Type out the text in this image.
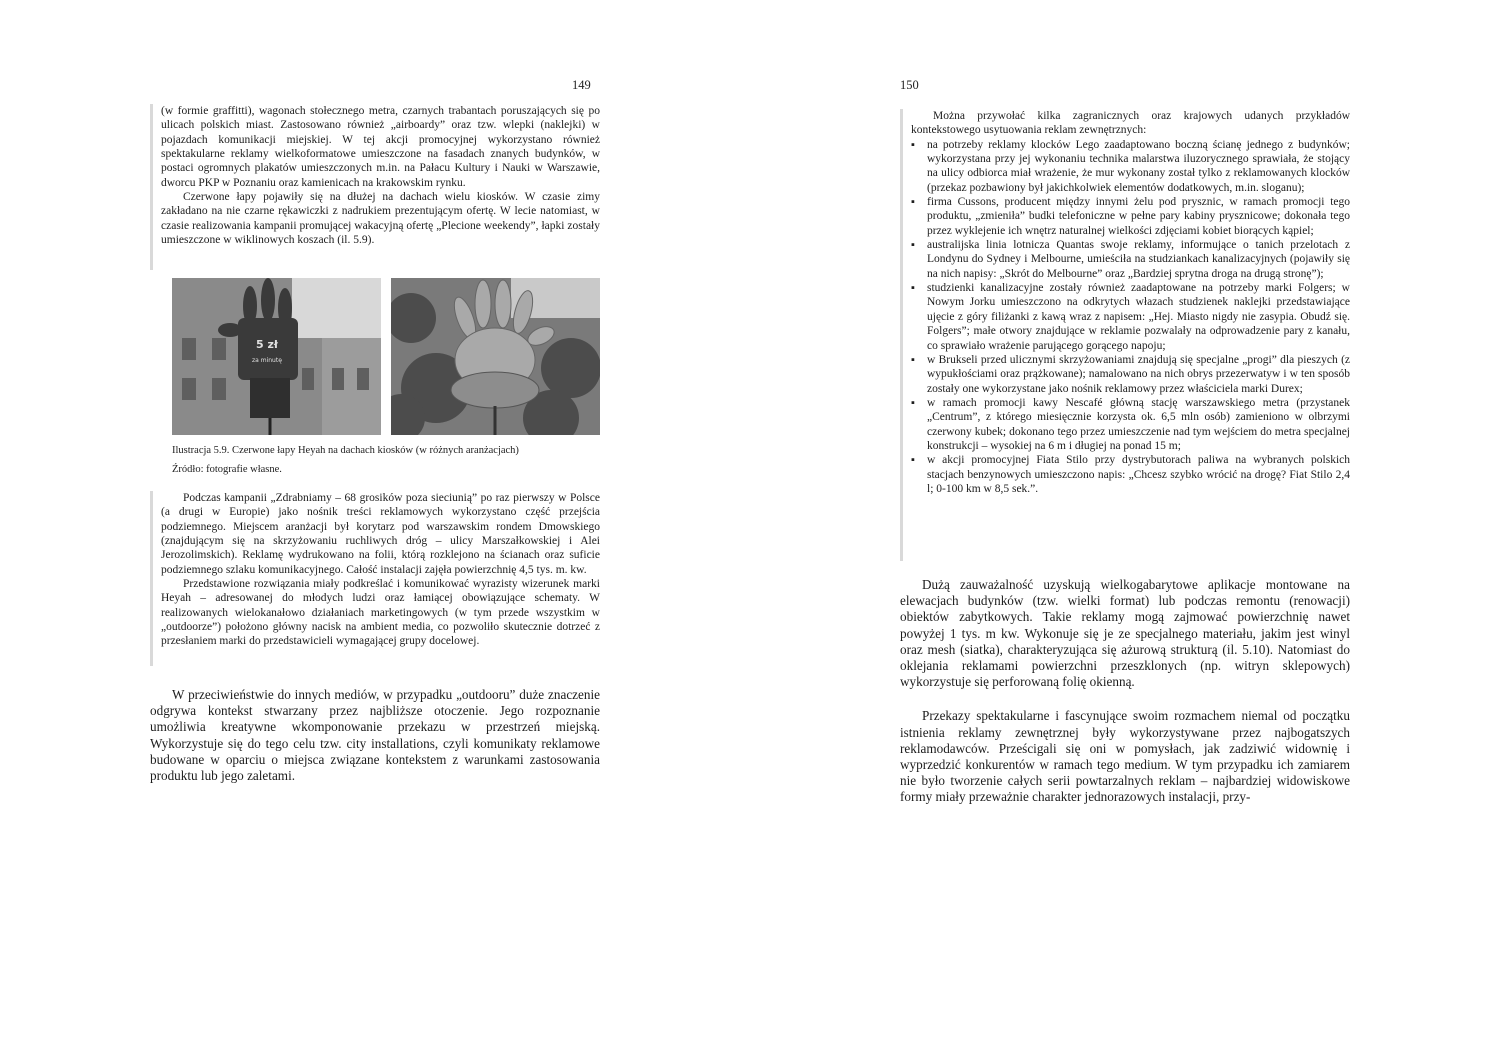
149

(w formie graffitti), wagonach stołecznego metra, czarnych trabantach poruszających się po ulicach polskich miast. Zastosowano również „airboardy” oraz tzw. wlepki (naklejki) w pojazdach komunikacji miejskiej. W tej akcji promocyjnej wykorzystano również spektakularne reklamy wielkoformatowe umieszczone na fasadach znanych budynków, w postaci ogromnych plakatów umieszczonych m.in. na Pałacu Kultury i Nauki w Warszawie, dworcu PKP w Poznaniu oraz kamienicach na krakowskim rynku.

Czerwone łapy pojawiły się na dłużej na dachach wielu kiosków. W czasie zimy zakładano na nie czarne rękawiczki z nadrukiem prezentującym ofertę. W lecie natomiast, w czasie realizowania kampanii promującej wakacyjną ofertę „Plecione weekendy”, łapki zostały umieszczone w wiklinowych koszach (il. 5.9).

5 zł
za minutę
Ilustracja 5.9. Czerwone łapy Heyah na dachach kiosków (w różnych aranżacjach)
Źródło: fotografie własne.

Podczas kampanii „Zdrabniamy – 68 grosików poza sieciunią” po raz pierwszy w Polsce (a drugi w Europie) jako nośnik treści reklamowych wykorzystano część przejścia podziemnego. Miejscem aranżacji był korytarz pod warszawskim rondem Dmowskiego (znajdującym się na skrzyżowaniu ruchliwych dróg – ulicy Marszałkowskiej i Alei Jerozolimskich). Reklamę wydrukowano na folii, którą rozklejono na ścianach oraz suficie podziemnego szlaku komunikacyjnego. Całość instalacji zajęła powierzchnię 4,5 tys. m. kw.

Przedstawione rozwiązania miały podkreślać i komunikować wyrazisty wizerunek marki Heyah – adresowanej do młodych ludzi oraz łamiącej obowiązujące schematy. W realizowanych wielokanałowo działaniach marketingowych (w tym przede wszystkim w „outdoorze”) położono główny nacisk na ambient media, co pozwoliło skutecznie dotrzeć z przesłaniem marki do przedstawicieli wymagającej grupy docelowej.

W przeciwieństwie do innych mediów, w przypadku „outdooru” duże znaczenie odgrywa kontekst stwarzany przez najbliższe otoczenie. Jego rozpoznanie umożliwia kreatywne wkomponowanie przekazu w przestrzeń miejską. Wykorzystuje się do tego celu tzw. city installations, czyli komunikaty reklamowe budowane w oparciu o miejsca związane kontekstem z warunkami zastosowania produktu lub jego zaletami.

150

Można przywołać kilka zagranicznych oraz krajowych udanych przykładów kontekstowego usytuowania reklam zewnętrznych:

▪ na potrzeby reklamy klocków Lego zaadaptowano boczną ścianę jednego z budynków; wykorzystana przy jej wykonaniu technika malarstwa iluzorycznego sprawiała, że stojący na ulicy odbiorca miał wrażenie, że mur wykonany został tylko z reklamowanych klocków (przekaz pozbawiony był jakichkolwiek elementów dodatkowych, m.in. sloganu);
▪ firma Cussons, producent między innymi żelu pod prysznic, w ramach promocji tego produktu, „zmieniła” budki telefoniczne w pełne pary kabiny prysznicowe; dokonała tego przez wyklejenie ich wnętrz naturalnej wielkości zdjęciami kobiet biorących kąpiel;
▪ australijska linia lotnicza Quantas swoje reklamy, informujące o tanich przelotach z Londynu do Sydney i Melbourne, umieściła na studziankach kanalizacyjnych (pojawiły się na nich napisy: „Skrót do Melbourne” oraz „Bardziej sprytna droga na drugą stronę”);
▪ studzienki kanalizacyjne zostały również zaadaptowane na potrzeby marki Folgers; w Nowym Jorku umieszczono na odkrytych włazach studzienek naklejki przedstawiające ujęcie z góry filiżanki z kawą wraz z napisem: „Hej. Miasto nigdy nie zasypia. Obudź się. Folgers”; małe otwory znajdujące w reklamie pozwalały na odprowadzenie pary z kanału, co sprawiało wrażenie parującego gorącego napoju;
▪ w Brukseli przed ulicznymi skrzyżowaniami znajdują się specjalne „progi” dla pieszych (z wypukłościami oraz prążkowane); namalowano na nich obrys przezerwatyw i w ten sposób zostały one wykorzystane jako nośnik reklamowy przez właściciela marki Durex;
▪ w ramach promocji kawy Nescafé główną stację warszawskiego metra (przystanek „Centrum”, z którego miesięcznie korzysta ok. 6,5 mln osób) zamieniono w olbrzymi czerwony kubek; dokonano tego przez umieszczenie nad tym wejściem do metra specjalnej konstrukcji – wysokiej na 6 m i długiej na ponad 15 m;
▪ w akcji promocyjnej Fiata Stilo przy dystrybutorach paliwa na wybranych polskich stacjach benzynowych umieszczono napis: „Chcesz szybko wrócić na drogę? Fiat Stilo 2,4 l; 0-100 km w 8,5 sek.”.

Dużą zauważalność uzyskują wielkogabarytowe aplikacje montowane na elewacjach budynków (tzw. wielki format) lub podczas remontu (renowacji) obiektów zabytkowych. Takie reklamy mogą zajmować powierzchnię nawet powyżej 1 tys. m kw. Wykonuje się je ze specjalnego materiału, jakim jest winyl oraz mesh (siatka), charakteryzująca się ażurową strukturą (il. 5.10). Natomiast do oklejania reklamami powierzchni przeszklonych (np. witryn sklepowych) wykorzystuje się perforowaną folię okienną.

Przekazy spektakularne i fascynujące swoim rozmachem niemal od początku istnienia reklamy zewnętrznej były wykorzystywane przez najbogatszych reklamodawców. Prześcigali się oni w pomysłach, jak zadziwić widownię i wyprzedzić konkurentów w ramach tego medium. W tym przypadku ich zamiarem nie było tworzenie całych serii powtarzalnych reklam – najbardziej widowiskowe formy miały przeważnie charakter jednorazowych instalacji, przy-
